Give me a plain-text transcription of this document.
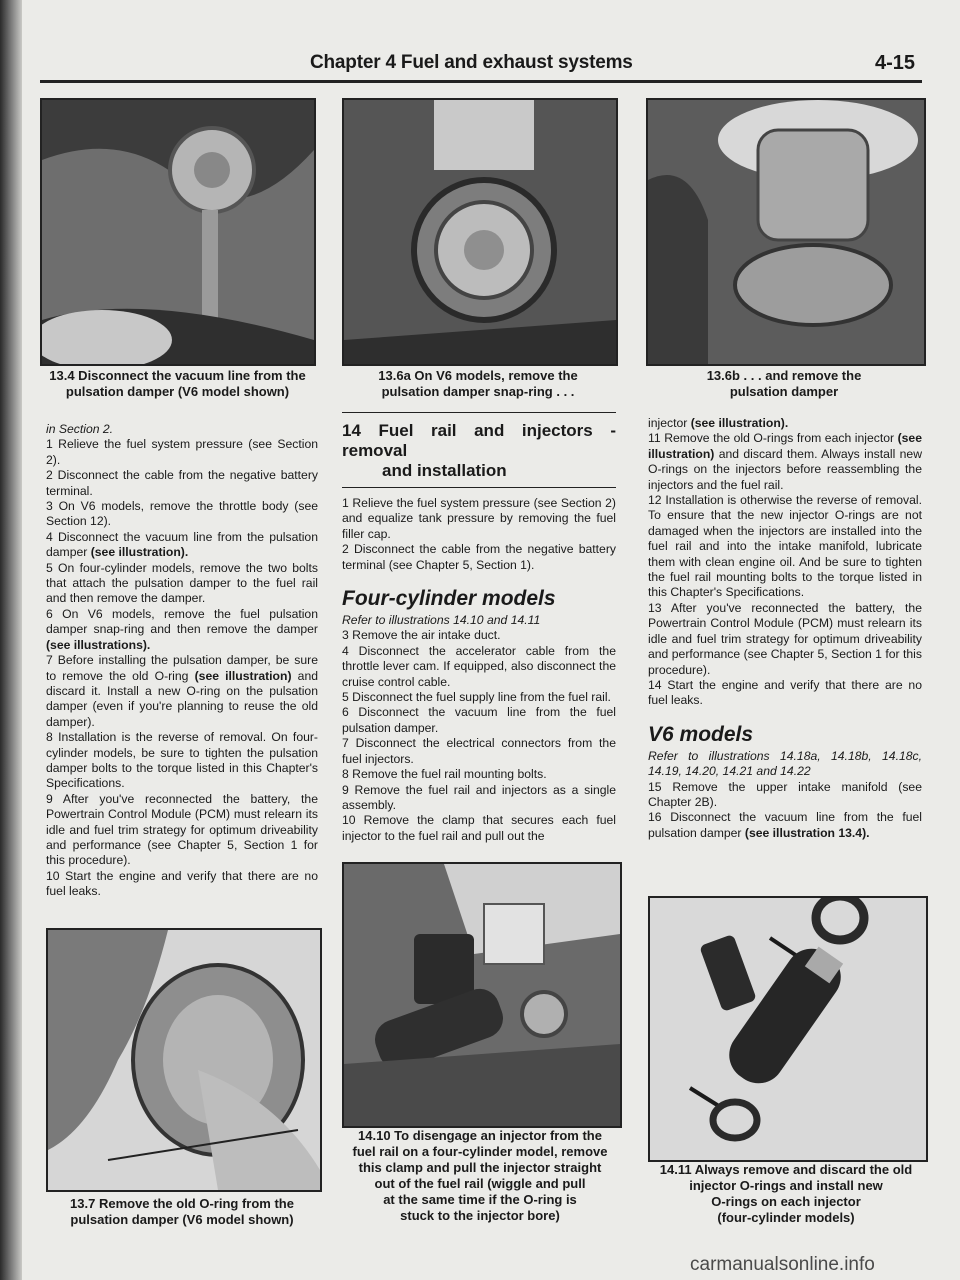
Chapter 4 Fuel and exhaust systems	4-15
13.4 Disconnect the vacuum line from the
pulsation damper (V6 model shown)
13.6a On V6 models, remove the
pulsation damper snap-ring . . .
13.6b . . . and remove the
pulsation damper

in Section 2.

1 Relieve the fuel system pressure (see Section 2).

2 Disconnect the cable from the negative battery terminal.

3 On V6 models, remove the throttle body (see Section 12).

4 Disconnect the vacuum line from the pulsation damper (see illustration).

5 On four-cylinder models, remove the two bolts that attach the pulsation damper to the fuel rail and then remove the damper.

6 On V6 models, remove the fuel pulsation damper snap-ring and then remove the damper (see illustrations).

7 Before installing the pulsation damper, be sure to remove the old O-ring (see illustration) and discard it. Install a new O-ring on the pulsation damper (even if you're planning to reuse the old damper).

8 Installation is the reverse of removal. On four-cylinder models, be sure to tighten the pulsation damper bolts to the torque listed in this Chapter's Specifications.

9 After you've reconnected the battery, the Powertrain Control Module (PCM) must relearn its idle and fuel trim strategy for optimum driveability and performance (see Chapter 5, Section 1 for this procedure).

10 Start the engine and verify that there are no fuel leaks.

13.7 Remove the old O-ring from the
pulsation damper (V6 model shown)
14 Fuel rail and injectors - removal
and installation

1 Relieve the fuel system pressure (see Section 2) and equalize tank pressure by removing the fuel filler cap.

2 Disconnect the cable from the negative battery terminal (see Chapter 5, Section 1).

Four-cylinder models

Refer to illustrations 14.10 and 14.11

3 Remove the air intake duct.

4 Disconnect the accelerator cable from the throttle lever cam. If equipped, also disconnect the cruise control cable.

5 Disconnect the fuel supply line from the fuel rail.

6 Disconnect the vacuum line from the fuel pulsation damper.

7 Disconnect the electrical connectors from the fuel injectors.

8 Remove the fuel rail mounting bolts.

9 Remove the fuel rail and injectors as a single assembly.

10 Remove the clamp that secures each fuel injector to the fuel rail and pull out the

14.10 To disengage an injector from the
fuel rail on a four-cylinder model, remove
this clamp and pull the injector straight
out of the fuel rail (wiggle and pull
at the same time if the O-ring is
stuck to the injector bore)

injector (see illustration).

11 Remove the old O-rings from each injector (see illustration) and discard them. Always install new O-rings on the injectors before reassembling the injectors and the fuel rail.

12 Installation is otherwise the reverse of removal. To ensure that the new injector O-rings are not damaged when the injectors are installed into the fuel rail and into the intake manifold, lubricate them with clean engine oil. And be sure to tighten the fuel rail mounting bolts to the torque listed in this Chapter's Specifications.

13 After you've reconnected the battery, the Powertrain Control Module (PCM) must relearn its idle and fuel trim strategy for optimum driveability and performance (see Chapter 5, Section 1 for this procedure).

14 Start the engine and verify that there are no fuel leaks.

V6 models

Refer to illustrations 14.18a, 14.18b, 14.18c, 14.19, 14.20, 14.21 and 14.22

15 Remove the upper intake manifold (see Chapter 2B).

16 Disconnect the vacuum line from the fuel pulsation damper (see illustration 13.4).

14.11 Always remove and discard the old
injector O-rings and install new
O-rings on each injector
(four-cylinder models)
carmanualsonline.info
